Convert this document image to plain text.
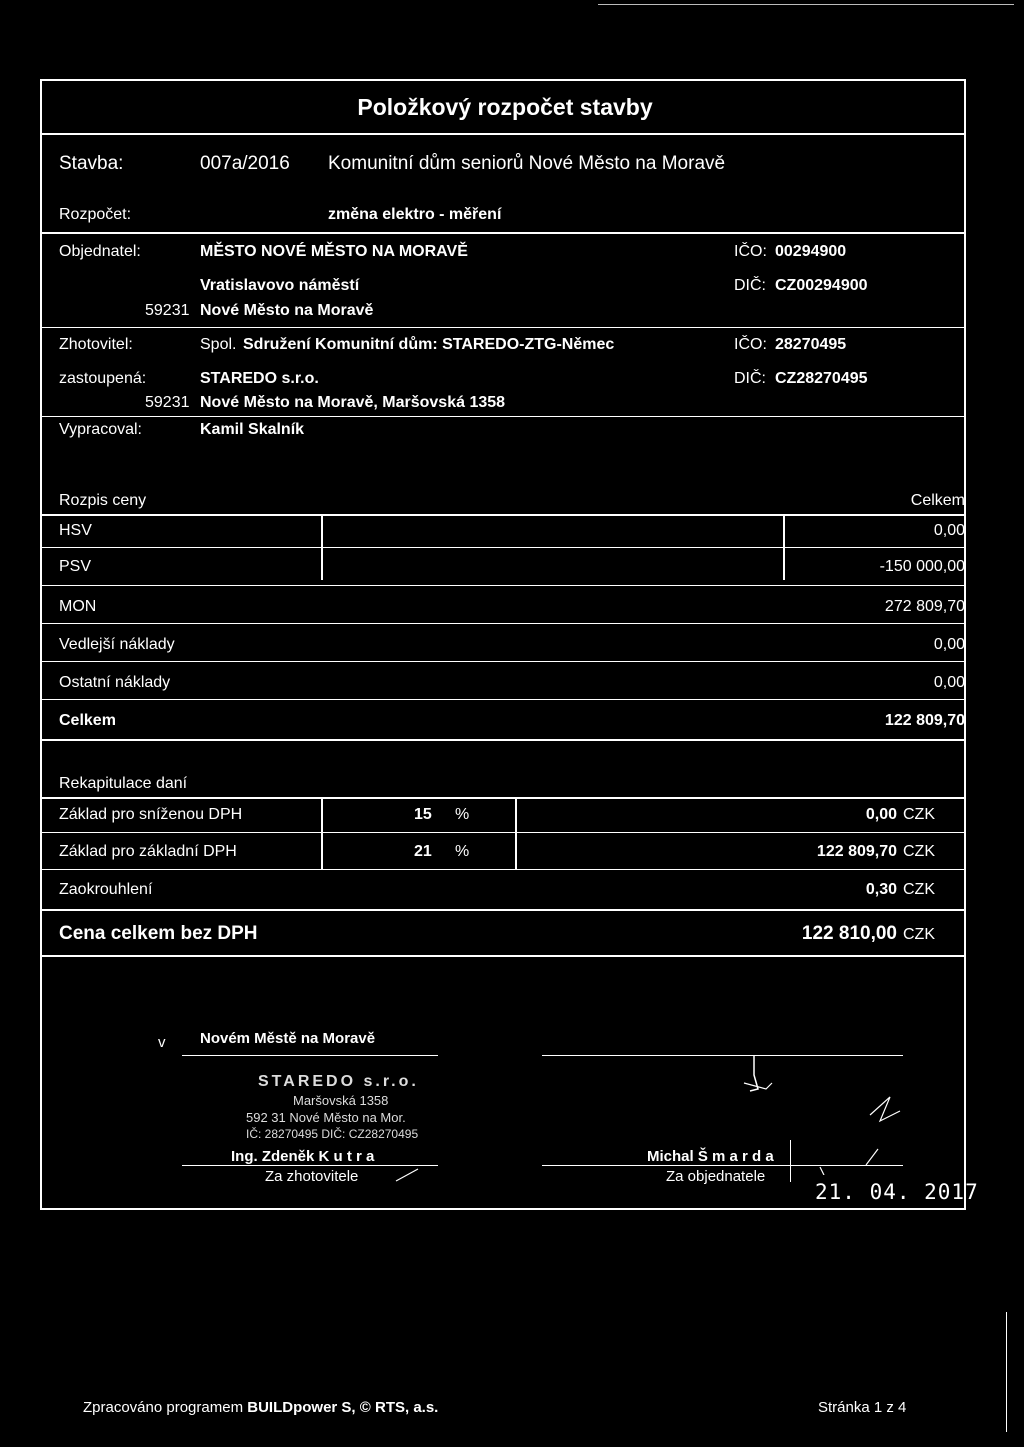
Položkový rozpočet stavby
Stavba:	007a/2016 Komunitní dům seniorů Nové Město na Moravě
Rozpočet:	změna elektro - měření
Objednatel:	MĚSTO NOVÉ MĚSTO NA MORAVĚ	IČO: 00294900
Vratislavovo náměstí	DIČ: CZ00294900
59231 Nové Město na Moravě
Zhotovitel:	Spol. Sdružení Komunitní dům: STAREDO-ZTG-Němec	IČO: 28270495
zastoupená:	STAREDO s.r.o.	DIČ: CZ28270495
59231 Nové Město na Moravě, Maršovská 1358
Vypracoval:	Kamil Skalník
Rozpis ceny	Celkem
HSV	0,00
PSV	-150 000,00
MON	272 809,70
Vedlejší náklady	0,00
Ostatní náklady	0,00
Celkem	122 809,70
Rekapitulace daní
Základ pro sníženou DPH	15 %	0,00 CZK
Základ pro základní DPH	21 %	122 809,70 CZK
Zaokrouhlení	0,30 CZK
Cena celkem bez DPH	122 810,00 CZK
v Novém Městě na Moravě
STAREDO s.r.o.
Maršovská 1358
592 31 Nové Město na Mor.
IČ: 28270495 DIČ: CZ28270495
Ing. Zdeněk K u t r a
Za zhotovitele
Michal Š m a r d a
Za objednatele
21. 04. 2017
Zpracováno programem BUILDpower S, © RTS, a.s.	Stránka 1 z 4
